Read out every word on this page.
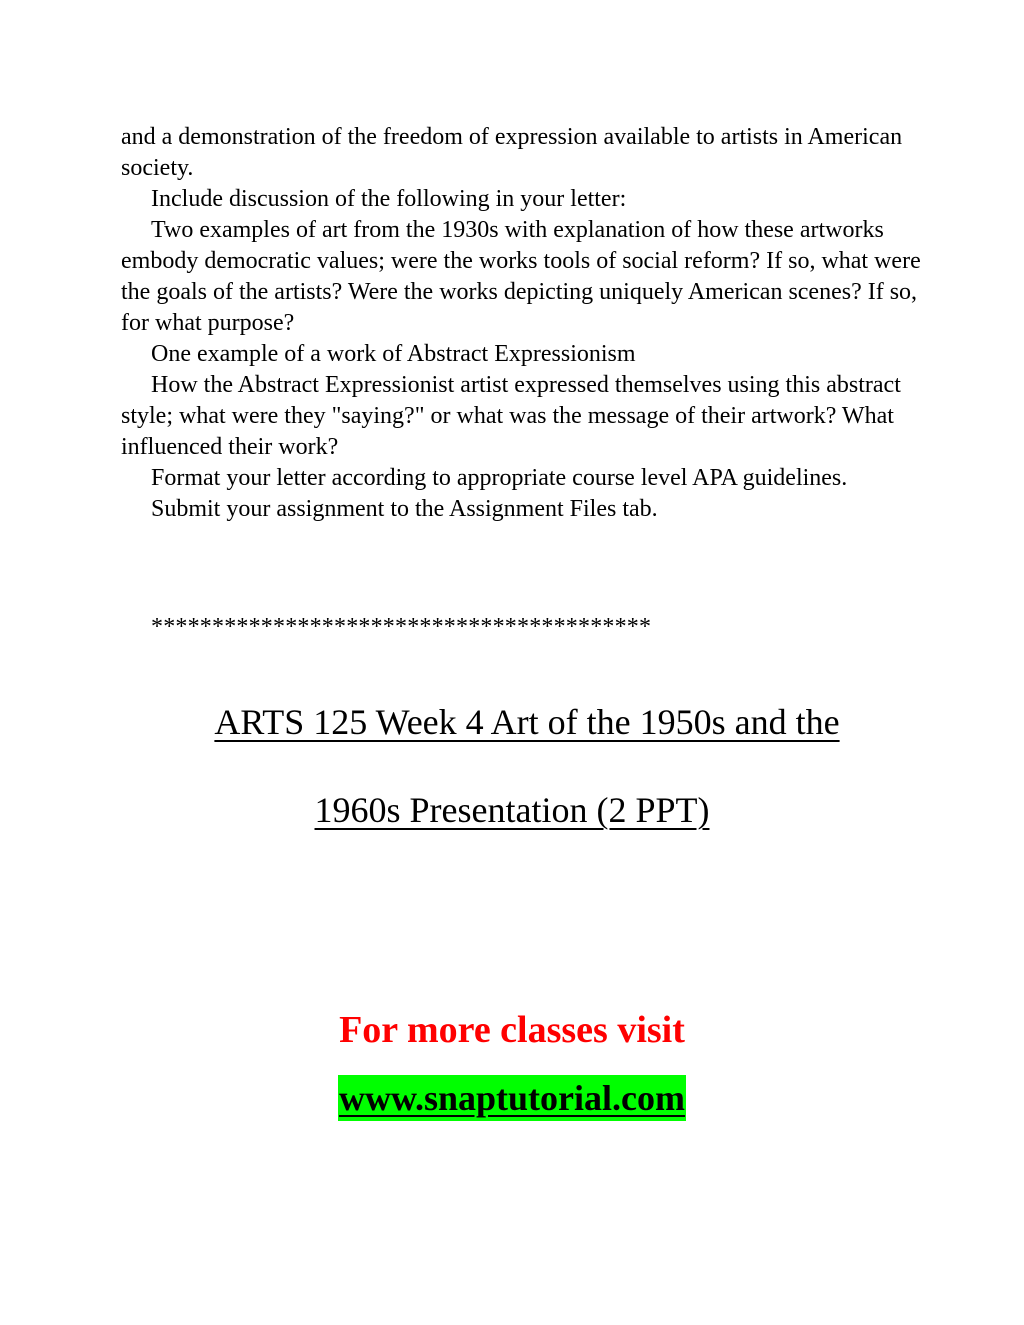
and a demonstration of the freedom of expression available to artists in American society.

Include discussion of the following in your letter:

Two examples of art from the 1930s with explanation of how these artworks embody democratic values; were the works tools of social reform? If so, what were the goals of the artists? Were the works depicting uniquely American scenes? If so, for what purpose?

One example of a work of Abstract Expressionism

How the Abstract Expressionist artist expressed themselves using this abstract style; what were they "saying?" or what was the message of their artwork? What influenced their work?

Format your letter according to appropriate course level APA guidelines.

Submit your assignment to the Assignment Files tab.

*****************************************
ARTS 125 Week 4 Art of the 1950s and the
1960s Presentation (2 PPT)
For more classes visit
www.snaptutorial.com
